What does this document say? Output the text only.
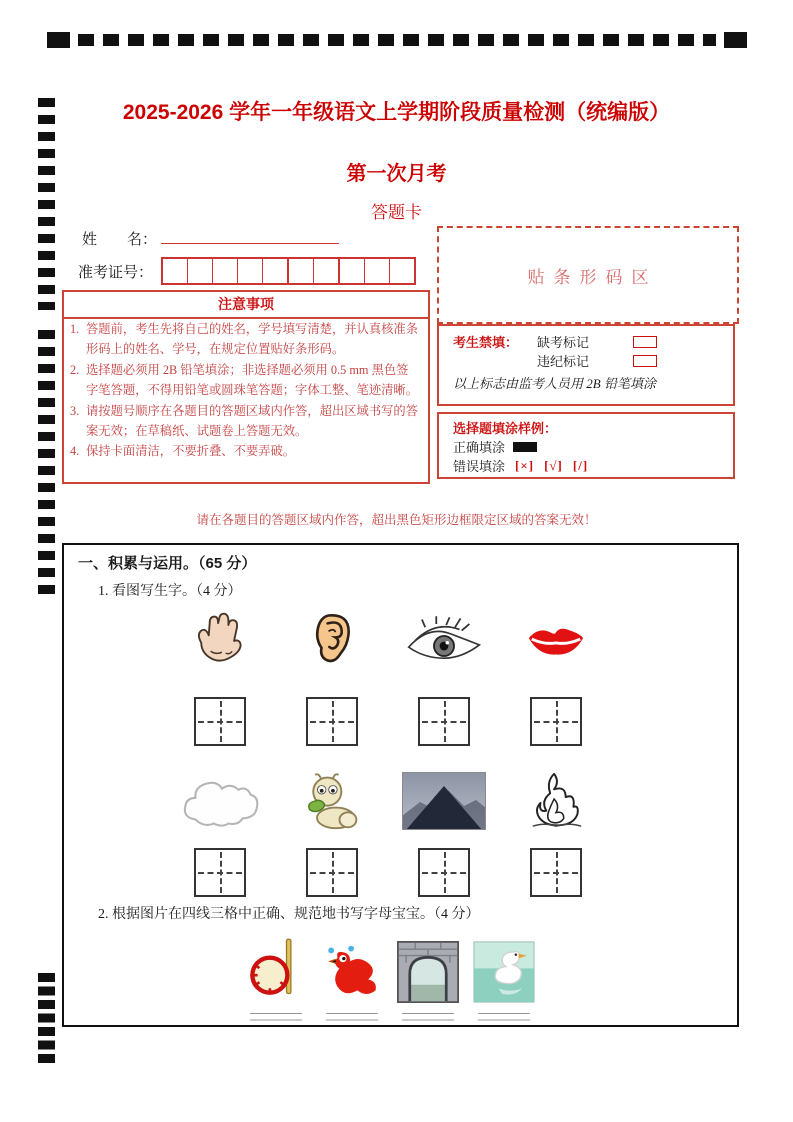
2025-2026 学年一年级语文上学期阶段质量检测（统编版）
第一次月考
答题卡
姓　　名：
准考证号：
注意事项
1. 答题前，考生先将自己的姓名，学号填写清楚，并认真核准条形码上的姓名、学号，在规定位置贴好条形码。
2. 选择题必须用 2B 铅笔填涂；非选择题必须用 0.5 mm 黑色签字笔答题，不得用铅笔或圆珠笔答题；字体工整、笔迹清晰。
3. 请按题号顺序在各题目的答题区域内作答，超出区域书写的答案无效；在草稿纸、试题卷上答题无效。
4. 保持卡面清洁，不要折叠、不要弄破。
贴条形码区
考生禁填：	缺考标记
违纪标记
以上标志由监考人员用 2B 铅笔填涂
选择题填涂样例：
正确填涂
错误填涂 [×] [√] [/]
请在各题目的答题区域内作答，超出黑色矩形边框限定区域的答案无效！
一、积累与运用。（65 分）
1. 看图写生字。（4 分）
2. 根据图片在四线三格中正确、规范地书写字母宝宝。（4 分）
